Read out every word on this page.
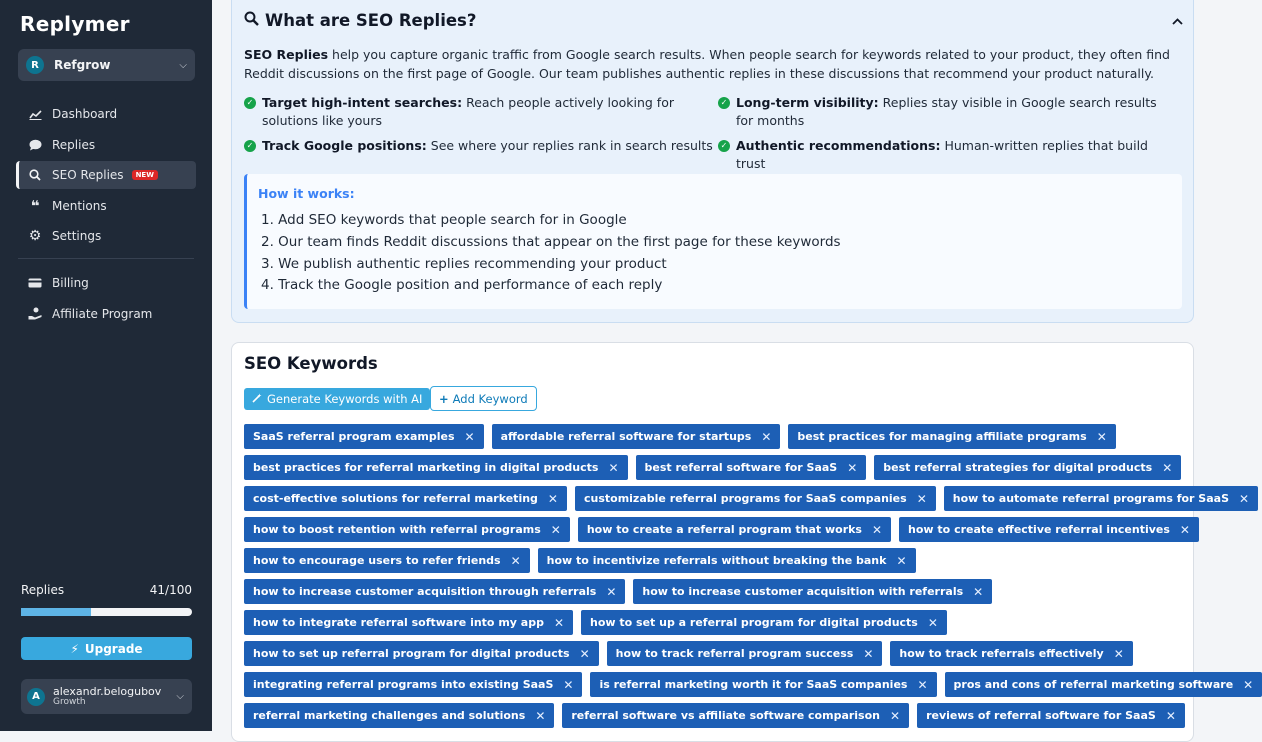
Replymer
R	Refgrow	⌵
Dashboard
Replies
SEO Replies	NEW
❝ Mentions
⚙ Settings
Billing
Affiliate Program
Replies	41/100
⚡︎ Upgrade
A	alexandr.belogubov
Growth	⌵
What are SEO Replies?

SEO Replies help you capture organic traffic from Google search results. When people search for keywords related to your product, they often find Reddit discussions on the first page of Google. Our team publishes authentic replies in these discussions that recommend your product naturally.

✓ Target high-intent searches: Reach people actively looking for solutions like yours
✓ Long-term visibility: Replies stay visible in Google search results for months
✓ Track Google positions: See where your replies rank in search results ✓ Authentic recommendations: Human-written replies that build trust
How it works:
1. Add SEO keywords that people search for in Google
2. Our team finds Reddit discussions that appear on the first page for these keywords
3. We publish authentic replies recommending your product
4. Track the Google position and performance of each reply
SEO Keywords
Generate Keywords with AI + Add Keyword
SaaS referral program examples ✕ affordable referral software for startups ✕ best practices for managing affiliate programs ✕
best practices for referral marketing in digital products ✕ best referral software for SaaS ✕ best referral strategies for digital products ✕
cost-effective solutions for referral marketing ✕ customizable referral programs for SaaS companies ✕ how to automate referral programs for SaaS ✕
how to boost retention with referral programs ✕ how to create a referral program that works ✕ how to create effective referral incentives ✕
how to encourage users to refer friends ✕ how to incentivize referrals without breaking the bank ✕
how to increase customer acquisition through referrals ✕ how to increase customer acquisition with referrals ✕
how to integrate referral software into my app ✕ how to set up a referral program for digital products ✕
how to set up referral program for digital products ✕ how to track referral program success ✕ how to track referrals effectively ✕
integrating referral programs into existing SaaS ✕ is referral marketing worth it for SaaS companies ✕ pros and cons of referral marketing software ✕
referral marketing challenges and solutions ✕ referral software vs affiliate software comparison ✕ reviews of referral software for SaaS ✕
